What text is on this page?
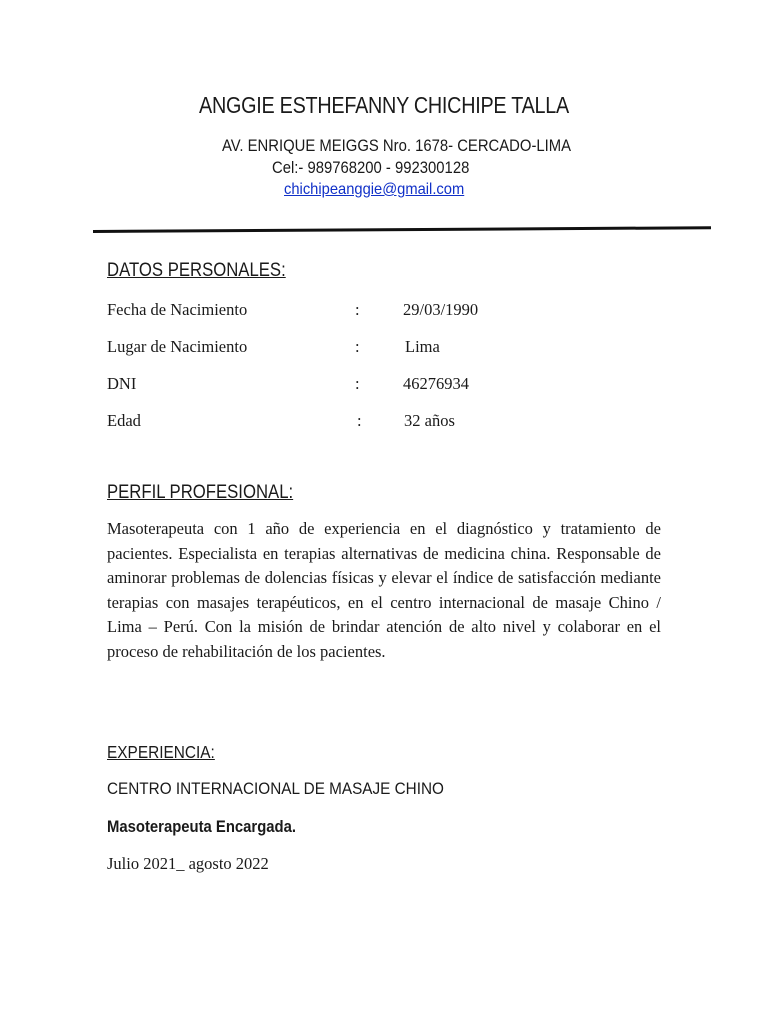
ANGGIE ESTHEFANNY CHICHIPE TALLA
AV. ENRIQUE MEIGGS Nro. 1678- CERCADO-LIMA
Cel:- 989768200 - 992300128
chichipeanggie@gmail.com
DATOS PERSONALES:
Fecha de Nacimiento	:	29/03/1990
Lugar de Nacimiento	:	Lima
DNI	:	46276934
Edad	:	32 años
PERFIL PROFESIONAL:
Masoterapeuta con 1 año de experiencia en el diagnóstico y tratamiento de pacientes. Especialista en terapias alternativas de medicina china. Responsable de aminorar problemas de dolencias físicas y elevar el índice de satisfacción mediante terapias con masajes terapéuticos, en el centro internacional de masaje Chino / Lima – Perú. Con la misión de brindar atención de alto nivel y colaborar en el proceso de rehabilitación de los pacientes.
EXPERIENCIA:
CENTRO INTERNACIONAL DE MASAJE CHINO
Masoterapeuta Encargada.
Julio 2021_ agosto 2022
